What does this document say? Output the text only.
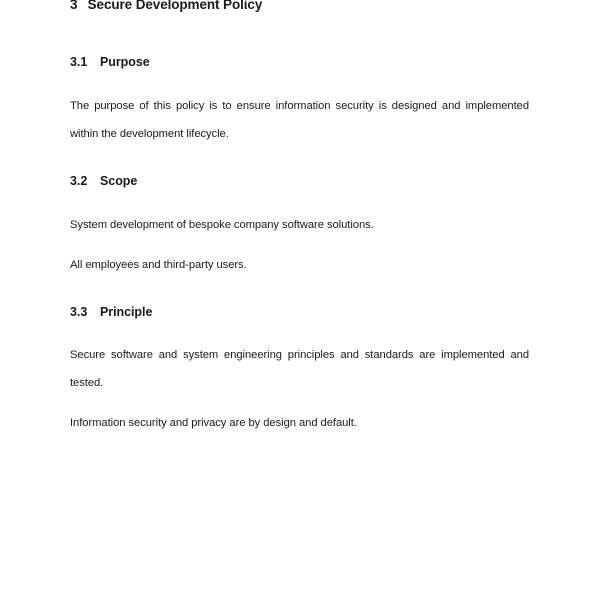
3 Secure Development Policy
3.1 Purpose

The purpose of this policy is to ensure information security is designed and implemented within the development lifecycle.

3.2 Scope

System development of bespoke company software solutions.

All employees and third-party users.

3.3 Principle

Secure software and system engineering principles and standards are implemented and tested.

Information security and privacy are by design and default.
